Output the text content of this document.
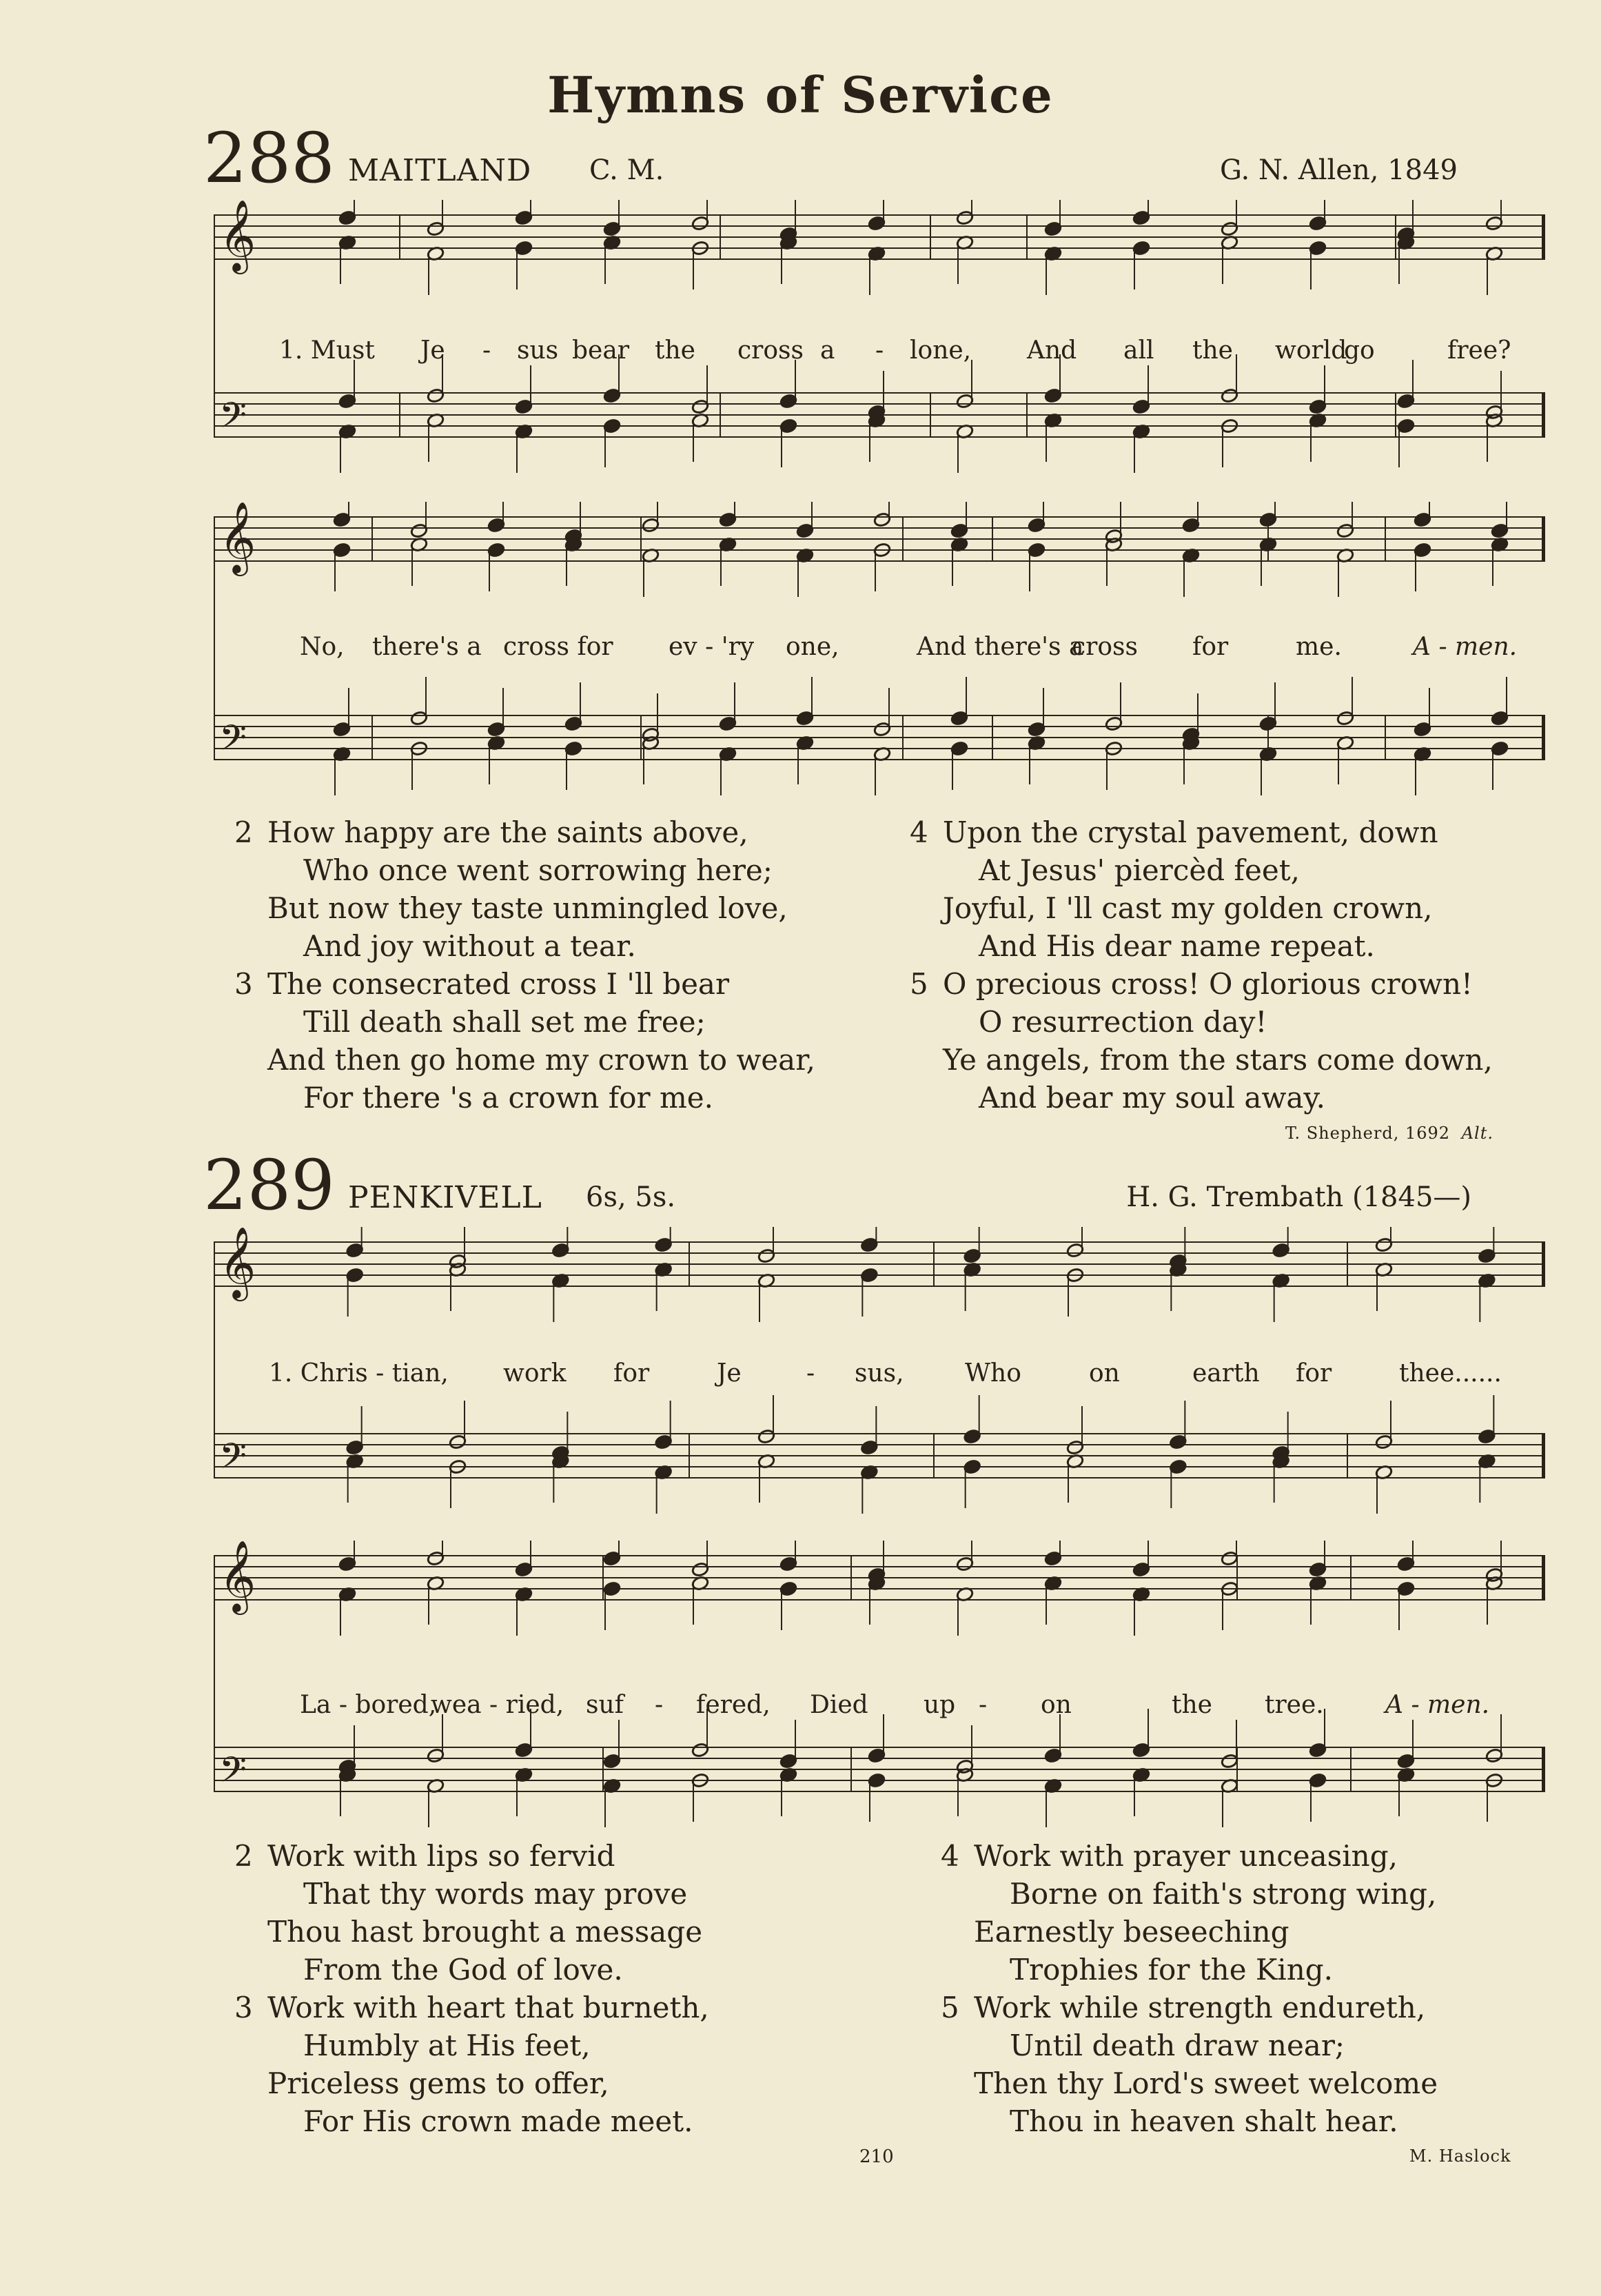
Hymns of Service
288 MAITLAND C. M.	G. N. Allen, 1849
𝄞
𝄢
1. Must Je - sus bear the cross a - lone, And all the world
go	free?
𝄞
𝄢
No, there's a cross for ev - 'ry one,	And there's a
cross for	me.	A - men.
2 How happy are the saints above,
Who once went sorrowing here;
But now they taste unmingled love,
And joy without a tear.
3 The consecrated cross I 'll bear
Till death shall set me free;
And then go home my crown to wear,
For there 's a crown for me.
4 Upon the crystal pavement, down
At Jesus' piercèd feet,
Joyful, I 'll cast my golden crown,
And His dear name repeat.
5 O precious cross! O glorious crown!
O resurrection day!
Ye angels, from the stars come down,
And bear my soul away.
T. Shepherd, 1692 Alt.
289 PENKIVELL 6s, 5s.	H. G. Trembath (1845—)
𝄞
𝄢
1. Chris - tian, work for	Je	- sus, Who	on	earth for	thee......
𝄞
𝄢
La - bored,
wea - ried, suf - fered, Died up - on	the tree. A - men.
2 Work with lips so fervid
That thy words may prove
Thou hast brought a message
From the God of love.
3 Work with heart that burneth,
Humbly at His feet,
Priceless gems to offer,
For His crown made meet.
4 Work with prayer unceasing,
Borne on faith's strong wing,
Earnestly beseeching
Trophies for the King.
5 Work while strength endureth,
Until death draw near;
Then thy Lord's sweet welcome
Thou in heaven shalt hear.
M. Haslock
210
